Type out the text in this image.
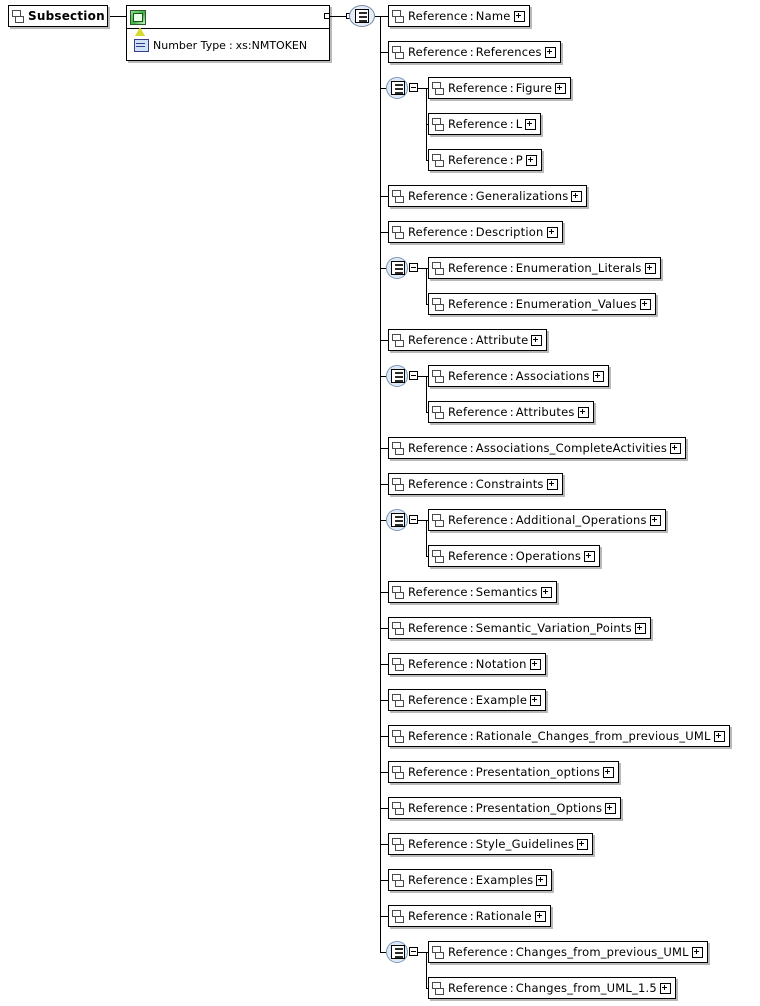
Subsection
Number Type : xs:NMTOKEN
Reference : Name
Reference : References
Reference : Figure
Reference : L
Reference : P
Reference : Generalizations
Reference : Description
Reference : Enumeration_Literals
Reference : Enumeration_Values
Reference : Attribute
Reference : Associations
Reference : Attributes
Reference : Associations_CompleteActivities
Reference : Constraints
Reference : Additional_Operations
Reference : Operations
Reference : Semantics
Reference : Semantic_Variation_Points
Reference : Notation
Reference : Example
Reference : Rationale_Changes_from_previous_UML
Reference : Presentation_options
Reference : Presentation_Options
Reference : Style_Guidelines
Reference : Examples
Reference : Rationale
Reference : Changes_from_previous_UML
Reference : Changes_from_UML_1.5
